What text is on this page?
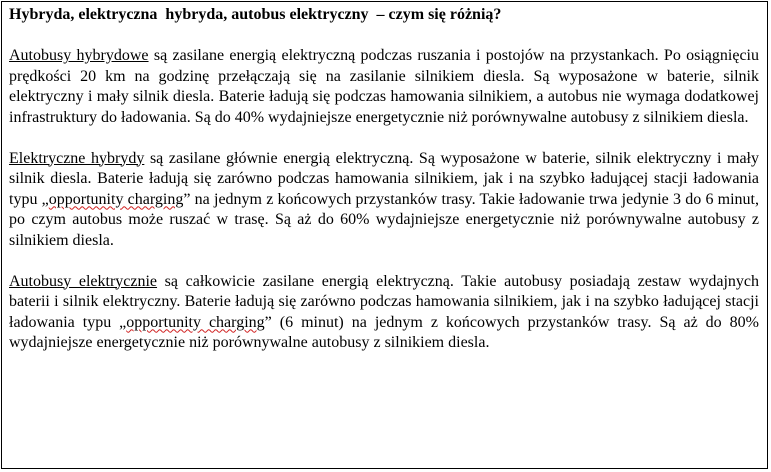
Hybryda, elektryczna  hybryda, autobus elektryczny  – czym się różnią?

Autobusy hybrydowe są zasilane energią elektryczną podczas ruszania i postojów na przystankach. Po osiągnięciu prędkości 20 km na godzinę przełączają się na zasilanie silnikiem diesla. Są wyposażone w baterie, silnik elektryczny i mały silnik diesla. Baterie ładują się podczas hamowania silnikiem, a autobus nie wymaga dodatkowej infrastruktury do ładowania. Są do 40% wydajniejsze energetycznie niż porównywalne autobusy z silnikiem diesla.

Elektryczne hybrydy są zasilane głównie energią elektryczną. Są wyposażone w baterie, silnik elektryczny i mały silnik diesla. Baterie ładują się zarówno podczas hamowania silnikiem, jak i na szybko ładującej stacji ładowania typu „opportunity charging” na jednym z końcowych przystanków trasy. Takie ładowanie trwa jedynie 3 do 6 minut, po czym autobus może ruszać w trasę. Są aż do 60% wydajniejsze energetycznie niż porównywalne autobusy z silnikiem diesla.

Autobusy elektrycznie są całkowicie zasilane energią elektryczną. Takie autobusy posiadają zestaw wydajnych baterii i silnik elektryczny. Baterie ładują się zarówno podczas hamowania silnikiem, jak i na szybko ładującej stacji ładowania typu „opportunity charging” (6 minut) na jednym z końcowych przystanków trasy. Są aż do 80% wydajniejsze energetycznie niż porównywalne autobusy z silnikiem diesla.
